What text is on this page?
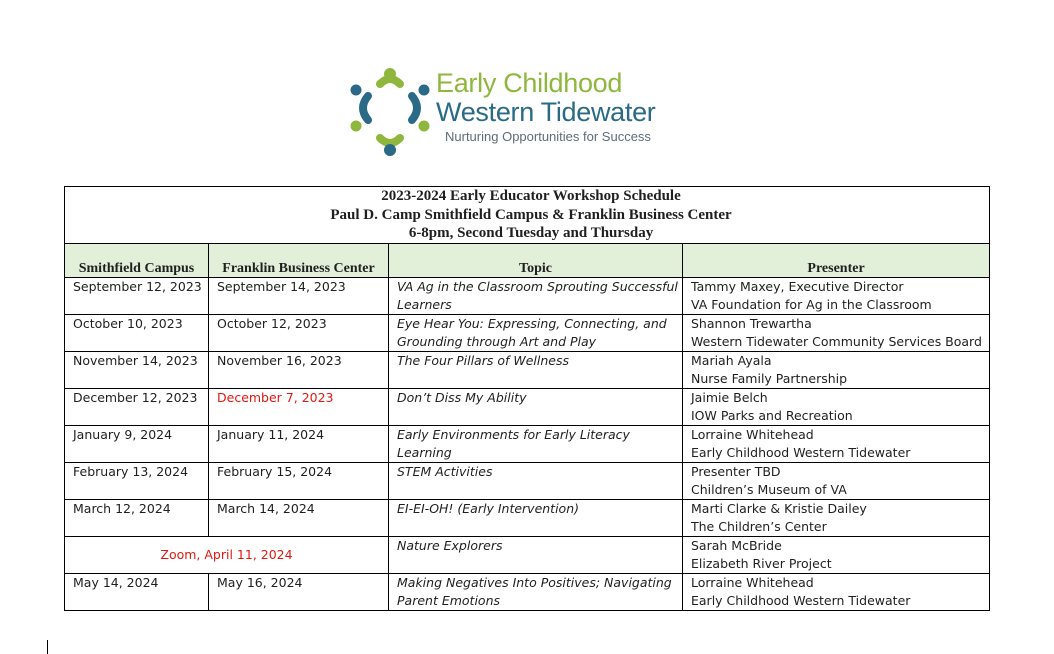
Early Childhood
Western Tidewater
Nurturing Opportunities for Success
2023-2024 Early Educator Workshop Schedule
Paul D. Camp Smithfield Campus & Franklin Business Center
6-8pm, Second Tuesday and Thursday			

Smithfield Campus	Franklin Business Center	Topic	Presenter
September 12, 2023	September 14, 2023	VA Ag in the Classroom Sprouting Successful Learners	Tammy Maxey, Executive Director
VA Foundation for Ag in the Classroom

October 10, 2023	October 12, 2023	Eye Hear You: Expressing, Connecting, and Grounding through Art and Play	Shannon Trewartha
Western Tidewater Community Services Board

November 14, 2023	November 16, 2023	The Four Pillars of Wellness	Mariah Ayala
Nurse Family Partnership

December 12, 2023	December 7, 2023	Don’t Diss My Ability	Jaimie Belch
IOW Parks and Recreation

January 9, 2024	January 11, 2024	Early Environments for Early Literacy Learning	Lorraine Whitehead
Early Childhood Western Tidewater

February 13, 2024	February 15, 2024	STEM Activities	Presenter TBD
Children’s Museum of VA

March 12, 2024	March 14, 2024	EI-EI-OH! (Early Intervention)	Marti Clarke & Kristie Dailey
The Children’s Center

Zoom, April 11, 2024		Nature Explorers	Sarah McBride
Elizabeth River Project

May 14, 2024	May 16, 2024	Making Negatives Into Positives; Navigating Parent Emotions	Lorraine Whitehead
Early Childhood Western Tidewater
